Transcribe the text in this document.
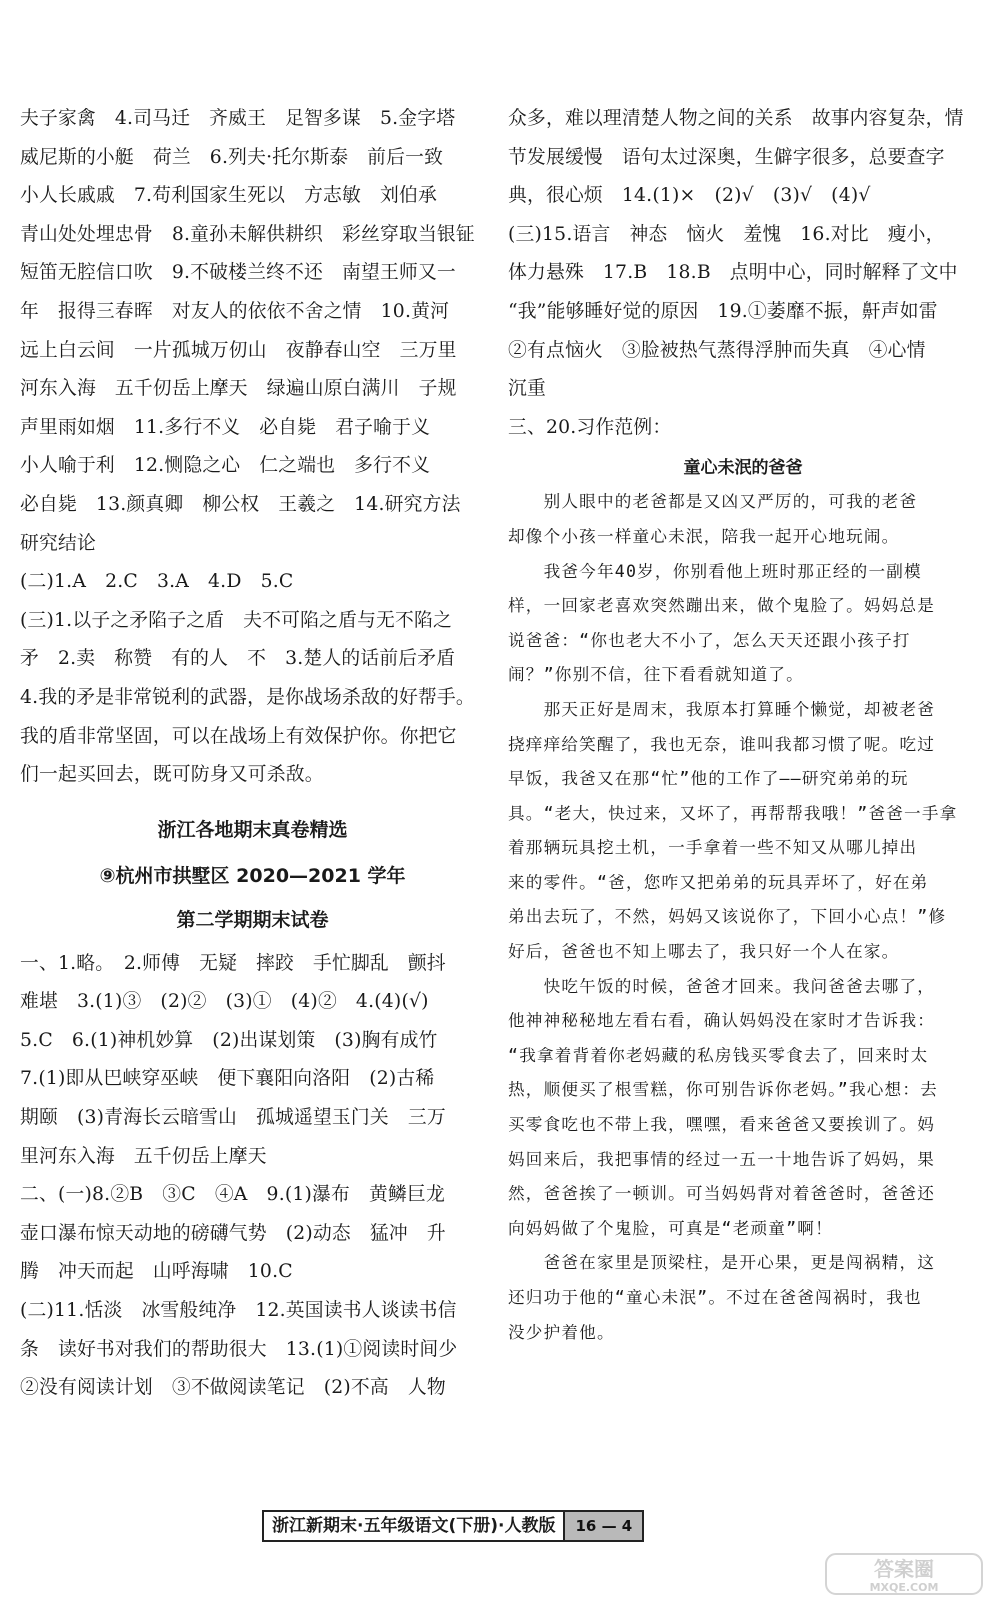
夫子家禽　4.司马迁　齐威王　足智多谋　5.金字塔
威尼斯的小艇　荷兰　6.列夫·托尔斯泰　前后一致
小人长戚戚　7.苟利国家生死以　方志敏　刘伯承
青山处处埋忠骨　8.童孙未解供耕织　彩丝穿取当银钲
短笛无腔信口吹　9.不破楼兰终不还　南望王师又一
年　报得三春晖　对友人的依依不舍之情　10.黄河
远上白云间　一片孤城万仞山　夜静春山空　三万里
河东入海　五千仞岳上摩天　绿遍山原白满川　子规
声里雨如烟　11.多行不义　必自毙　君子喻于义
小人喻于利　12.恻隐之心　仁之端也　多行不义
必自毙　13.颜真卿　柳公权　王羲之　14.研究方法
研究结论
(二)1.A　2.C　3.A　4.D　5.C
(三)1.以子之矛陷子之盾　夫不可陷之盾与无不陷之
矛　2.卖　称赞　有的人　不　3.楚人的话前后矛盾
4.我的矛是非常锐利的武器，是你战场杀敌的好帮手。
我的盾非常坚固，可以在战场上有效保护你。你把它
们一起买回去，既可防身又可杀敌。
浙江各地期末真卷精选
⑨杭州市拱墅区 2020—2021 学年
第二学期期末试卷
一、1.略。　2.师傅　无疑　摔跤　手忙脚乱　颤抖
难堪　3.(1)③　(2)②　(3)①　(4)②　4.(4)(√)
5.C　6.(1)神机妙算　(2)出谋划策　(3)胸有成竹
7.(1)即从巴峡穿巫峡　便下襄阳向洛阳　(2)古稀
期颐　(3)青海长云暗雪山　孤城遥望玉门关　三万
里河东入海　五千仞岳上摩天
二、(一)8.②B　③C　④A　9.(1)瀑布　黄鳞巨龙
壶口瀑布惊天动地的磅礴气势　(2)动态　猛冲　升
腾　冲天而起　山呼海啸　10.C
(二)11.恬淡　冰雪般纯净　12.英国读书人谈读书信
条　读好书对我们的帮助很大　13.(1)①阅读时间少
②没有阅读计划　③不做阅读笔记　(2)不高　人物
众多，难以理清楚人物之间的关系　故事内容复杂，情
节发展缓慢　语句太过深奥，生僻字很多，总要查字
典，很心烦　14.(1)×　(2)√　(3)√　(4)√
(三)15.语言　神态　恼火　羞愧　16.对比　瘦小，
体力悬殊　17.B　18.B　点明中心，同时解释了文中
“我”能够睡好觉的原因　19.①萎靡不振，鼾声如雷
②有点恼火　③脸被热气蒸得浮肿而失真　④心情
沉重
三、20.习作范例：
童心未泯的爸爸
　　别人眼中的老爸都是又凶又严厉的，可我的老爸
却像个小孩一样童心未泯，陪我一起开心地玩闹。
　　我爸今年40岁，你别看他上班时那正经的一副模
样，一回家老喜欢突然蹦出来，做个鬼脸了。妈妈总是
说爸爸：“你也老大不小了，怎么天天还跟小孩子打
闹？”你别不信，往下看看就知道了。
　　那天正好是周末，我原本打算睡个懒觉，却被老爸
挠痒痒给笑醒了，我也无奈，谁叫我都习惯了呢。吃过
早饭，我爸又在那“忙”他的工作了——研究弟弟的玩
具。“老大，快过来，又坏了，再帮帮我哦！”爸爸一手拿
着那辆玩具挖土机，一手拿着一些不知又从哪儿掉出
来的零件。“爸，您咋又把弟弟的玩具弄坏了，好在弟
弟出去玩了，不然，妈妈又该说你了，下回小心点！”修
好后，爸爸也不知上哪去了，我只好一个人在家。
　　快吃午饭的时候，爸爸才回来。我问爸爸去哪了，
他神神秘秘地左看右看，确认妈妈没在家时才告诉我：
“我拿着背着你老妈藏的私房钱买零食去了，回来时太
热，顺便买了根雪糕，你可别告诉你老妈。”我心想：去
买零食吃也不带上我，嘿嘿，看来爸爸又要挨训了。妈
妈回来后，我把事情的经过一五一十地告诉了妈妈，果
然，爸爸挨了一顿训。可当妈妈背对着爸爸时，爸爸还
向妈妈做了个鬼脸，可真是“老顽童”啊！
　　爸爸在家里是顶梁柱，是开心果，更是闯祸精，这
还归功于他的“童心未泯”。不过在爸爸闯祸时，我也
没少护着他。
浙江新期末·五年级语文(下册)·人教版	16 — 4
答案圈
MXQE.COM
